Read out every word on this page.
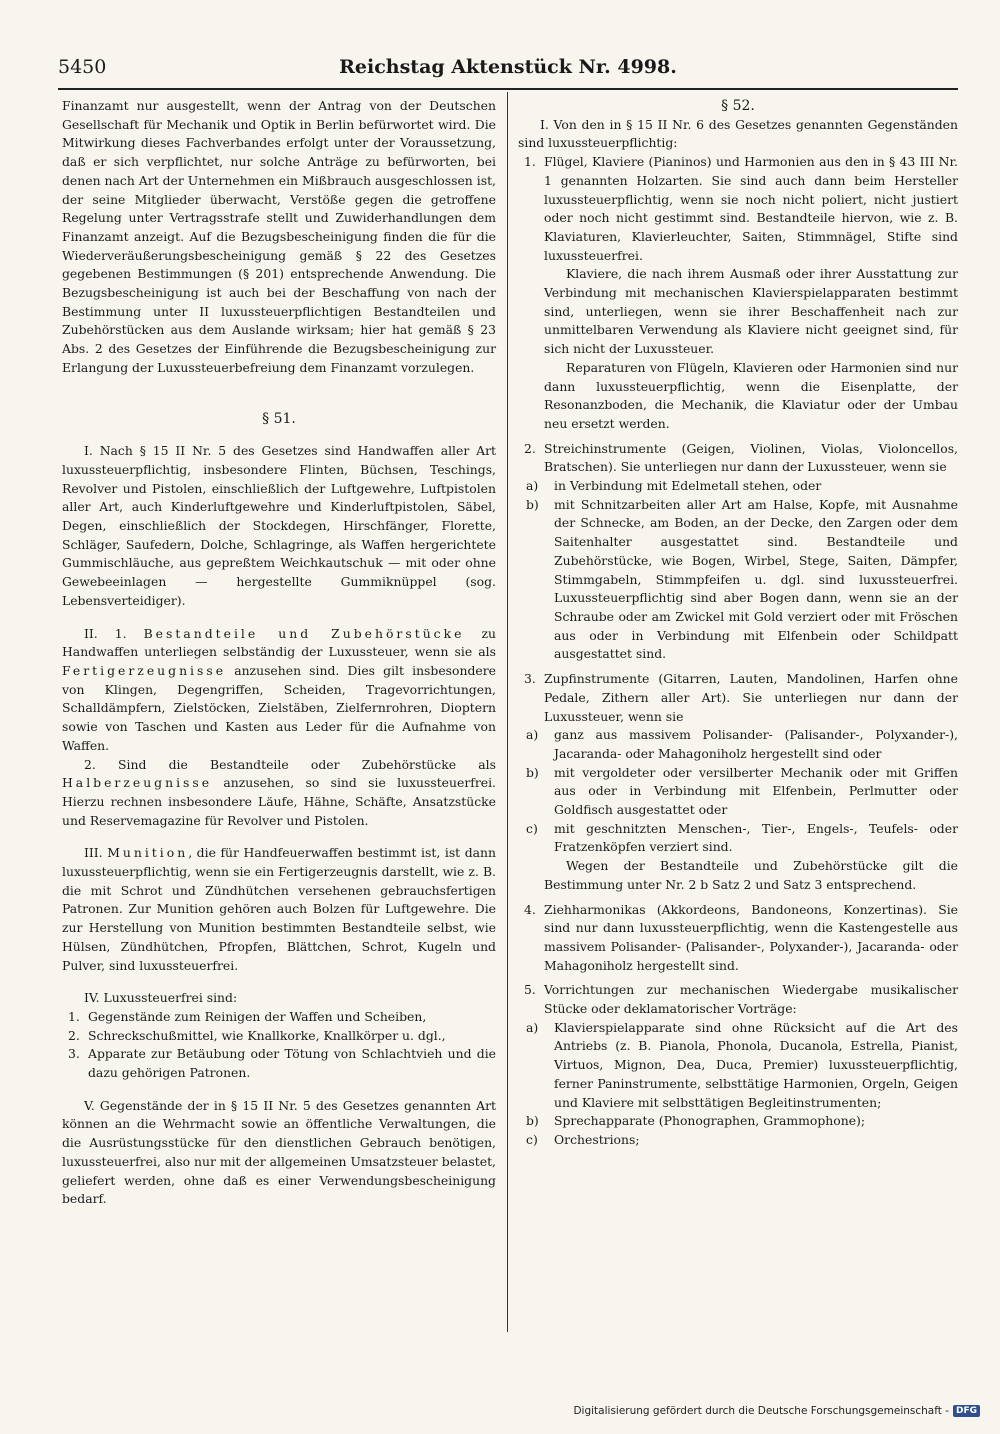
5450	Reichstag Aktenstück Nr. 4998.

Finanzamt nur ausgestellt, wenn der Antrag von der Deutschen Gesellschaft für Mechanik und Optik in Berlin befürwortet wird. Die Mitwirkung dieses Fachverbandes erfolgt unter der Voraussetzung, daß er sich verpflichtet, nur solche Anträge zu befürworten, bei denen nach Art der Unternehmen ein Mißbrauch ausgeschlossen ist, der seine Mitglieder überwacht, Verstöße gegen die getroffene Regelung unter Vertragsstrafe stellt und Zuwiderhandlungen dem Finanzamt anzeigt. Auf die Bezugsbescheinigung finden die für die Wiederveräußerungsbescheinigung gemäß § 22 des Gesetzes gegebenen Bestimmungen (§ 201) entsprechende Anwendung. Die Bezugsbescheinigung ist auch bei der Beschaffung von nach der Bestimmung unter II luxussteuerpflichtigen Bestandteilen und Zubehörstücken aus dem Auslande wirksam; hier hat gemäß § 23 Abs. 2 des Gesetzes der Einführende die Bezugsbescheinigung zur Erlangung der Luxussteuerbefreiung dem Finanzamt vorzulegen.

§ 51.

I. Nach § 15 II Nr. 5 des Gesetzes sind Handwaffen aller Art luxussteuerpflichtig, insbesondere Flinten, Büchsen, Teschings, Revolver und Pistolen, einschließlich der Luftgewehre, Luftpistolen aller Art, auch Kinderluftgewehre und Kinderluftpistolen, Säbel, Degen, einschließlich der Stockdegen, Hirschfänger, Florette, Schläger, Saufedern, Dolche, Schlagringe, als Waffen hergerichtete Gummischläuche, aus gepreßtem Weichkautschuk — mit oder ohne Gewebeeinlagen — hergestellte Gummiknüppel (sog. Lebensverteidiger).

II. 1. Bestandteile und Zubehörstücke zu Handwaffen unterliegen selbständig der Luxussteuer, wenn sie als Fertigerzeugnisse anzusehen sind. Dies gilt insbesondere von Klingen, Degengriffen, Scheiden, Tragevorrichtungen, Schalldämpfern, Zielstöcken, Zielstäben, Zielfernrohren, Dioptern sowie von Taschen und Kasten aus Leder für die Aufnahme von Waffen.

2. Sind die Bestandteile oder Zubehörstücke als Halberzeugnisse anzusehen, so sind sie luxussteuerfrei. Hierzu rechnen insbesondere Läufe, Hähne, Schäfte, Ansatzstücke und Reservemagazine für Revolver und Pistolen.

III. Munition, die für Handfeuerwaffen bestimmt ist, ist dann luxussteuerpflichtig, wenn sie ein Fertigerzeugnis darstellt, wie z. B. die mit Schrot und Zündhütchen versehenen gebrauchsfertigen Patronen. Zur Munition gehören auch Bolzen für Luftgewehre. Die zur Herstellung von Munition bestimmten Bestandteile selbst, wie Hülsen, Zündhütchen, Pfropfen, Blättchen, Schrot, Kugeln und Pulver, sind luxussteuerfrei.

IV. Luxussteuerfrei sind:

1. Gegenstände zum Reinigen der Waffen und Scheiben,
2. Schreckschußmittel, wie Knallkorke, Knallkörper u. dgl.,
3. Apparate zur Betäubung oder Tötung von Schlachtvieh und die dazu gehörigen Patronen.

V. Gegenstände der in § 15 II Nr. 5 des Gesetzes genannten Art können an die Wehrmacht sowie an öffentliche Verwaltungen, die die Ausrüstungsstücke für den dienstlichen Gebrauch benötigen, luxussteuerfrei, also nur mit der allgemeinen Umsatzsteuer belastet, geliefert werden, ohne daß es einer Verwendungsbescheinigung bedarf.

§ 52.

I. Von den in § 15 II Nr. 6 des Gesetzes genannten Gegenständen sind luxussteuerpflichtig:

1. Flügel, Klaviere (Pianinos) und Harmonien aus den in § 43 III Nr. 1 genannten Holzarten. Sie sind auch dann beim Hersteller luxussteuerpflichtig, wenn sie noch nicht poliert, nicht justiert oder noch nicht gestimmt sind. Bestandteile hiervon, wie z. B. Klaviaturen, Klavierleuchter, Saiten, Stimmnägel, Stifte sind luxussteuerfrei.

Klaviere, die nach ihrem Ausmaß oder ihrer Ausstattung zur Verbindung mit mechanischen Klavierspielapparaten bestimmt sind, unterliegen, wenn sie ihrer Beschaffenheit nach zur unmittelbaren Verwendung als Klaviere nicht geeignet sind, für sich nicht der Luxussteuer.

Reparaturen von Flügeln, Klavieren oder Harmonien sind nur dann luxussteuerpflichtig, wenn die Eisenplatte, der Resonanzboden, die Mechanik, die Klaviatur oder der Umbau neu ersetzt werden.

2. Streichinstrumente (Geigen, Violinen, Violas, Violoncellos, Bratschen). Sie unterliegen nur dann der Luxussteuer, wenn sie

a) in Verbindung mit Edelmetall stehen, oder
b) mit Schnitzarbeiten aller Art am Halse, Kopfe, mit Ausnahme der Schnecke, am Boden, an der Decke, den Zargen oder dem Saitenhalter ausgestattet sind. Bestandteile und Zubehörstücke, wie Bogen, Wirbel, Stege, Saiten, Dämpfer, Stimmgabeln, Stimmpfeifen u. dgl. sind luxussteuerfrei. Luxussteuerpflichtig sind aber Bogen dann, wenn sie an der Schraube oder am Zwickel mit Gold verziert oder mit Fröschen aus oder in Verbindung mit Elfenbein oder Schildpatt ausgestattet sind.
3. Zupfinstrumente (Gitarren, Lauten, Mandolinen, Harfen ohne Pedale, Zithern aller Art). Sie unterliegen nur dann der Luxussteuer, wenn sie

a) ganz aus massivem Polisander- (Palisander-, Polyxander-), Jacaranda- oder Mahagoniholz hergestellt sind oder
b) mit vergoldeter oder versilberter Mechanik oder mit Griffen aus oder in Verbindung mit Elfenbein, Perlmutter oder Goldfisch ausgestattet oder
c) mit geschnitzten Menschen-, Tier-, Engels-, Teufels- oder Fratzenköpfen verziert sind.

Wegen der Bestandteile und Zubehörstücke gilt die Bestimmung unter Nr. 2 b Satz 2 und Satz 3 entsprechend.

4. Ziehharmonikas (Akkordeons, Bandoneons, Konzertinas). Sie sind nur dann luxussteuerpflichtig, wenn die Kastengestelle aus massivem Polisander- (Palisander-, Polyxander-), Jacaranda- oder Mahagoniholz hergestellt sind.

5. Vorrichtungen zur mechanischen Wiedergabe musikalischer Stücke oder deklamatorischer Vorträge:

a) Klavierspielapparate sind ohne Rücksicht auf die Art des Antriebs (z. B. Pianola, Phonola, Ducanola, Estrella, Pianist, Virtuos, Mignon, Dea, Duca, Premier) luxussteuerpflichtig, ferner Paninstrumente, selbsttätige Harmonien, Orgeln, Geigen und Klaviere mit selbsttätigen Begleitinstrumenten;
b) Sprechapparate (Phonographen, Grammophone);
c) Orchestrions;
Digitalisierung gefördert durch die Deutsche Forschungsgemeinschaft - DFG
